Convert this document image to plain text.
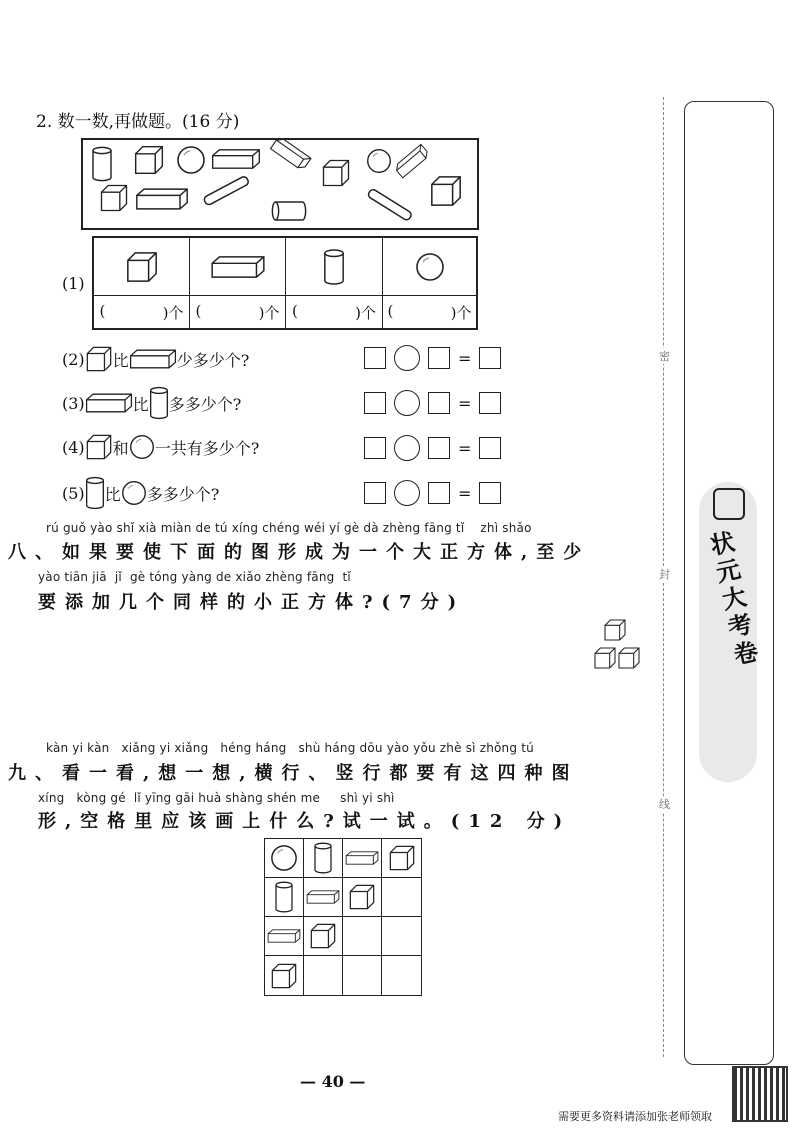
2. 数一数,再做题。(16 分)
(1)
(	)个 (	)个 (	)个 (	)个
(2) 比	少多少个?
(3)	比 多多少个?
(4) 和 一共有多少个?
(5) 比 多多少个?
=
=
=
=
rú guǒ yào shǐ xià miàn de tú xíng chéng wéi yí gè dà zhèng fāng tǐ    zhì shǎo
八、如果要使下面的图形成为一个大正方体,至少
yào tiān jiā  jǐ  gè tóng yàng de xiǎo zhèng fāng  tǐ
要添加几个同样的小正方体?(7分)
kàn yi kàn   xiǎng yi xiǎng   héng háng   shù háng dōu yào yǒu zhè sì zhǒng tú
九、看一看,想一想,横行、竖行都要有这四种图
xíng   kòng gé  lǐ yīng gāi huà shàng shén me     shì yi shì
形,空格里应该画上什么?试一试。(12 分)
密
封
线
状元大考卷
— 40 —
需要更多资料请添加张老师领取
